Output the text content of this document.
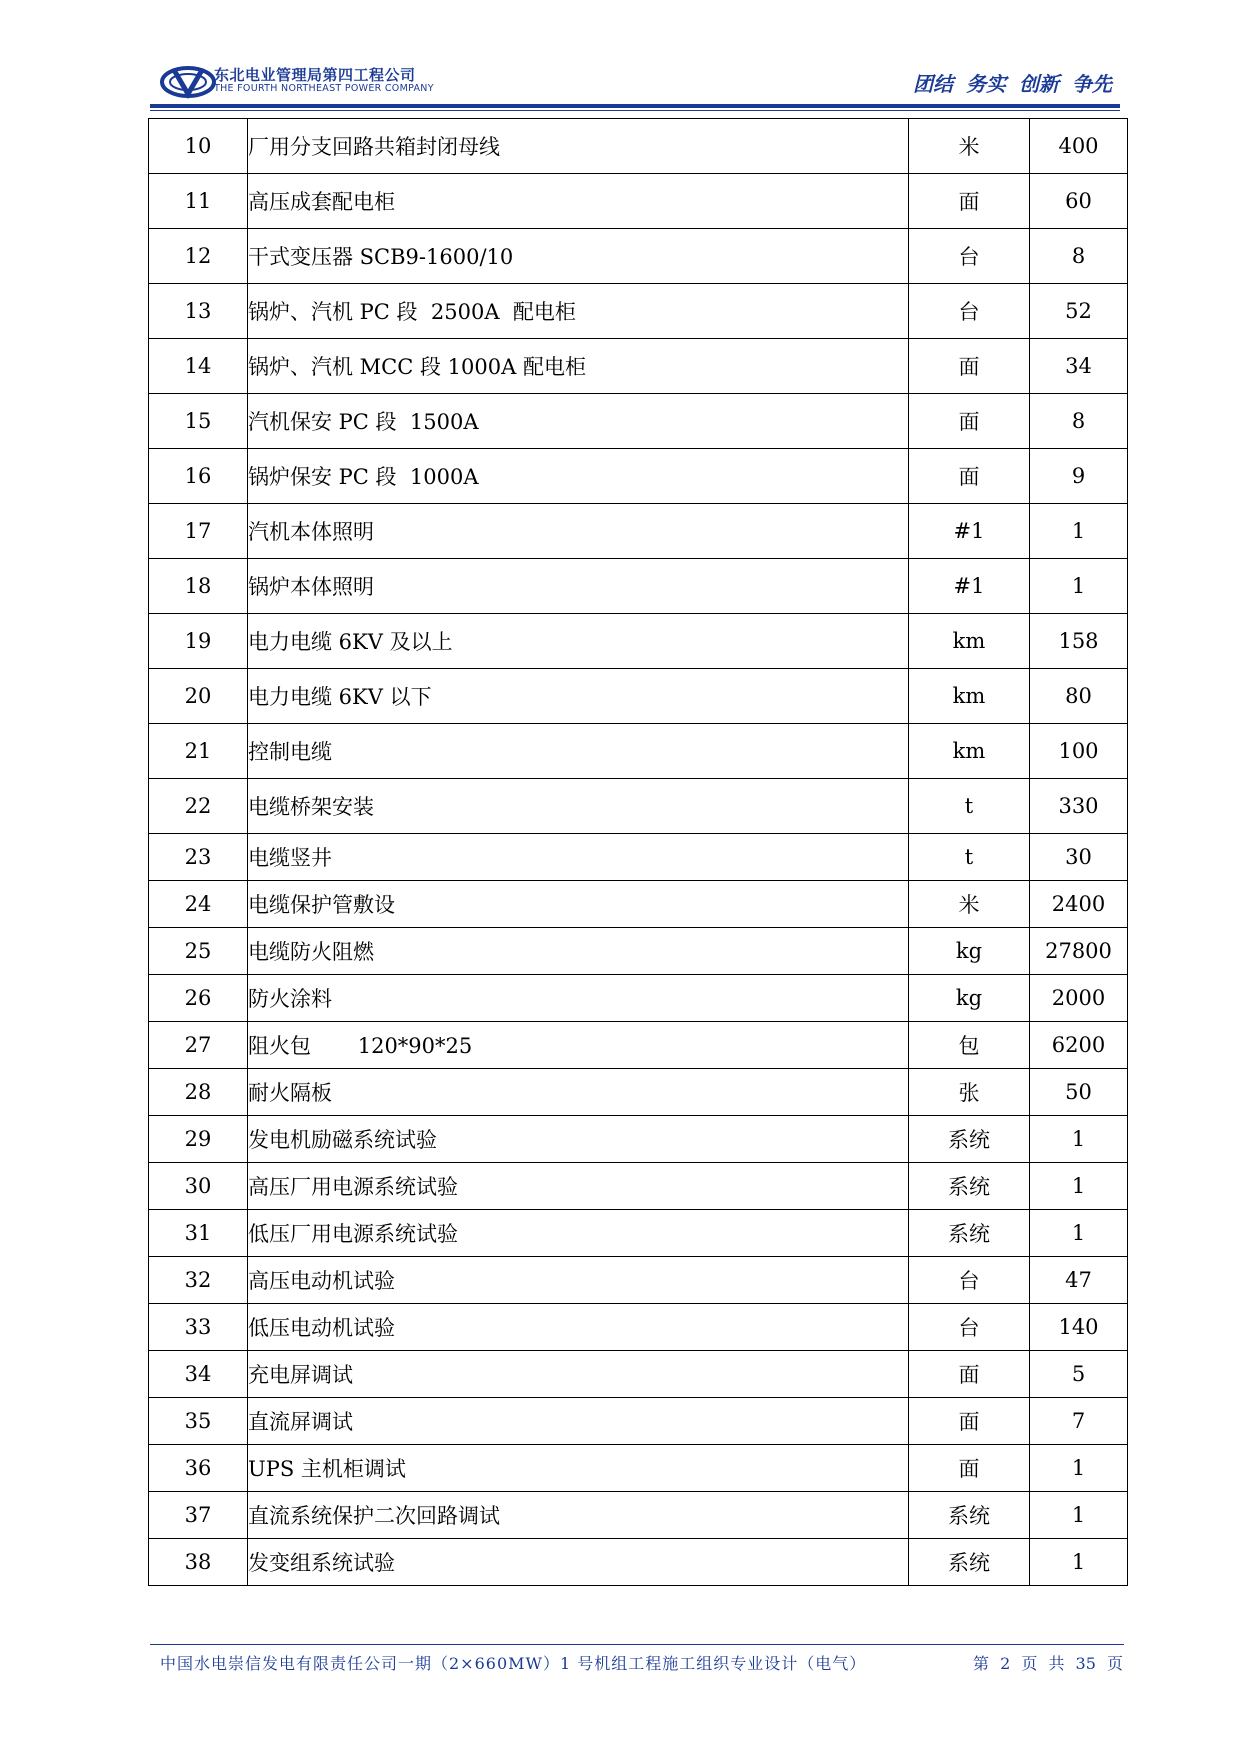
东北电业管理局第四工程公司
THE FOURTH NORTHEAST POWER COMPANY	团结 务实 创新 争先
10	厂用分支回路共箱封闭母线	米	400
11	高压成套配电柜	面	60
12	干式变压器 SCB9-1600/10	台	8
13	锅炉、汽机 PC 段  2500A  配电柜	台	52
14	锅炉、汽机 MCC 段 1000A 配电柜	面	34
15	汽机保安 PC 段  1500A	面	8
16	锅炉保安 PC 段  1000A	面	9
17	汽机本体照明	#1	1
18	锅炉本体照明	#1	1
19	电力电缆 6KV 及以上	km	158
20	电力电缆 6KV 以下	km	80
21	控制电缆	km	100
22	电缆桥架安装	t	330
23	电缆竖井	t	30
24	电缆保护管敷设	米	2400
25	电缆防火阻燃	kg	27800
26	防火涂料	kg	2000
27	阻火包       120*90*25	包	6200
28	耐火隔板	张	50
29	发电机励磁系统试验	系统	1
30	高压厂用电源系统试验	系统	1
31	低压厂用电源系统试验	系统	1
32	高压电动机试验	台	47
33	低压电动机试验	台	140
34	充电屏调试	面	5
35	直流屏调试	面	7
36	UPS 主机柜调试	面	1
37	直流系统保护二次回路调试	系统	1
38	发变组系统试验	系统	1
中国水电崇信发电有限责任公司一期（2×660MW）1 号机组工程施工组织专业设计（电气）	第 2 页 共 35 页
